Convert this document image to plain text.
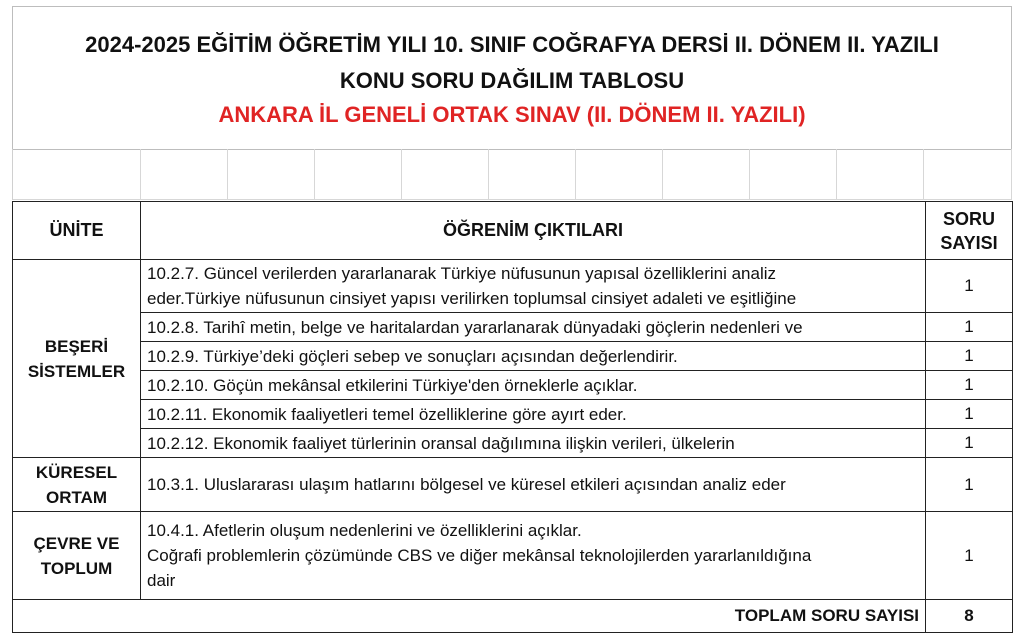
2024-2025 EĞİTİM ÖĞRETİM YILI 10. SINIF COĞRAFYA DERSİ II. DÖNEM II. YAZILI
KONU SORU DAĞILIM TABLOSU
ANKARA İL GENELİ ORTAK SINAV (II. DÖNEM II. YAZILI)
ÜNİTE	ÖĞRENİM ÇIKTILARI	SORU
SAYISI
BEŞERİ
SİSTEMLER	10.2.7. Güncel verilerden yararlanarak Türkiye nüfusunun yapısal özelliklerini analiz
eder.Türkiye nüfusunun cinsiyet yapısı verilirken toplumsal cinsiyet adaleti ve eşitliğine	1
	10.2.8. Tarihî metin, belge ve haritalardan yararlanarak dünyadaki göçlerin nedenleri ve	1
	10.2.9. Türkiye’deki göçleri sebep ve sonuçları açısından değerlendirir.	1
	10.2.10. Göçün mekânsal etkilerini Türkiye'den örneklerle açıklar.	1
	10.2.11. Ekonomik faaliyetleri temel özelliklerine göre ayırt eder.	1
	10.2.12. Ekonomik faaliyet türlerinin oransal dağılımına ilişkin verileri, ülkelerin	1
KÜRESEL
ORTAM	10.3.1. Uluslararası ulaşım hatlarını bölgesel ve küresel etkileri açısından analiz eder	1
ÇEVRE VE
TOPLUM	10.4.1. Afetlerin oluşum nedenlerini ve özelliklerini açıklar.
Coğrafi problemlerin çözümünde CBS ve diğer mekânsal teknolojilerden yararlanıldığına
dair	1
TOPLAM SORU SAYISI		8
